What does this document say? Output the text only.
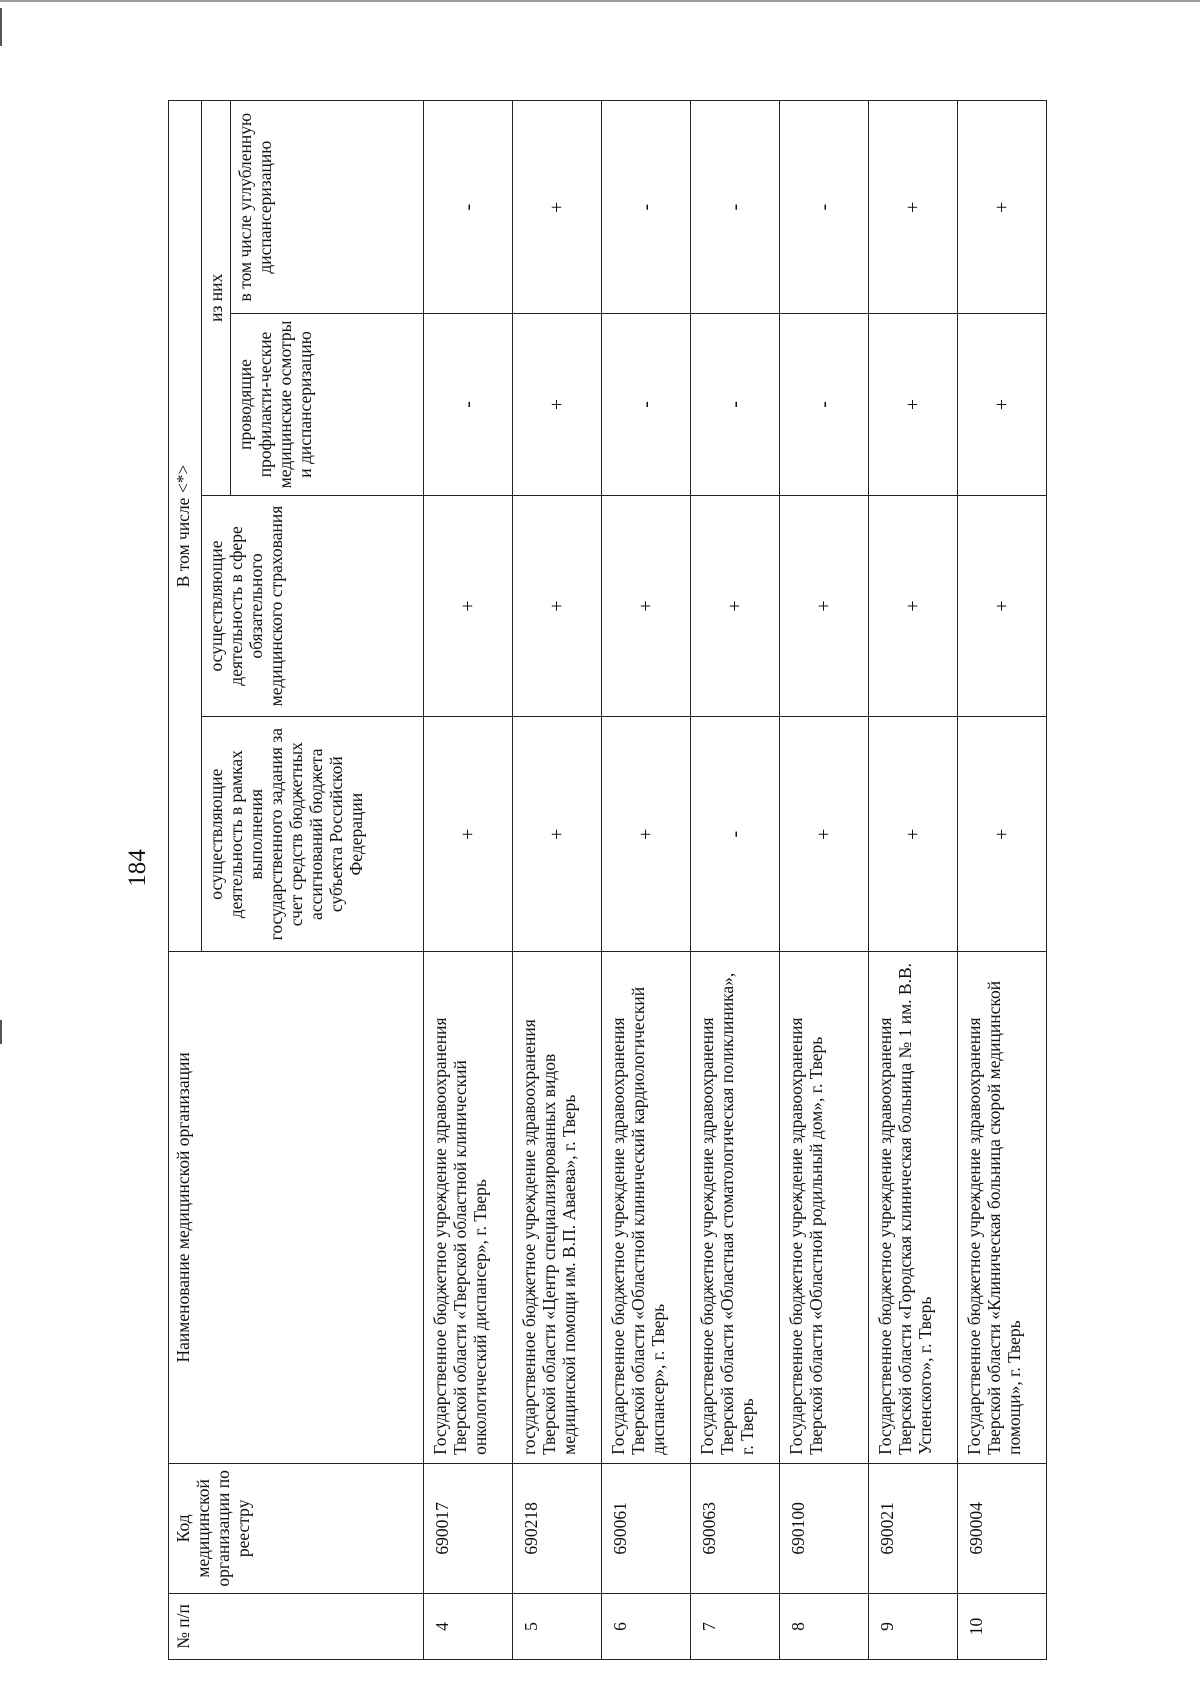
184
№ п/п	Код медицинской организации по реестру	Наименование медицинской организации	В том числе <*>			
			осуществляющие деятельность в рамках выполнения государственного задания за счет средств бюджетных ассигнований бюджета субъекта Российской Федерации	осуществляющие деятельность в сфере обязательного медицинского страхования	из них	
					проводящие профилакти-ческие медицинские осмотры и диспансеризацию	в том числе углубленную диспансеризацию
4	690017	Государственное бюджетное учреждение здравоохранения Тверской области «Тверской областной клинический онкологический диспансер», г. Тверь	+	+	-	-
5	690218	государственное бюджетное учреждение здравоохранения Тверской области «Центр специализированных видов медицинской помощи им. В.П. Аваева», г. Тверь	+	+	+	+
6	690061	Государственное бюджетное учреждение здравоохранения Тверской области «Областной клинический кардиологический диспансер», г. Тверь	+	+	-	-
7	690063	Государственное бюджетное учреждение здравоохранения Тверской области «Областная стоматологическая поликлиника», г. Тверь	-	+	-	-
8	690100	Государственное бюджетное учреждение здравоохранения Тверской области «Областной родильный дом», г. Тверь	+	+	-	-
9	690021	Государственное бюджетное учреждение здравоохранения Тверской области «Городская клиническая больница № 1 им. В.В. Успенского», г. Тверь	+	+	+	+
10	690004	Государственное бюджетное учреждение здравоохранения Тверской области «Клиническая больница скорой медицинской помощи», г. Тверь	+	+	+	+
